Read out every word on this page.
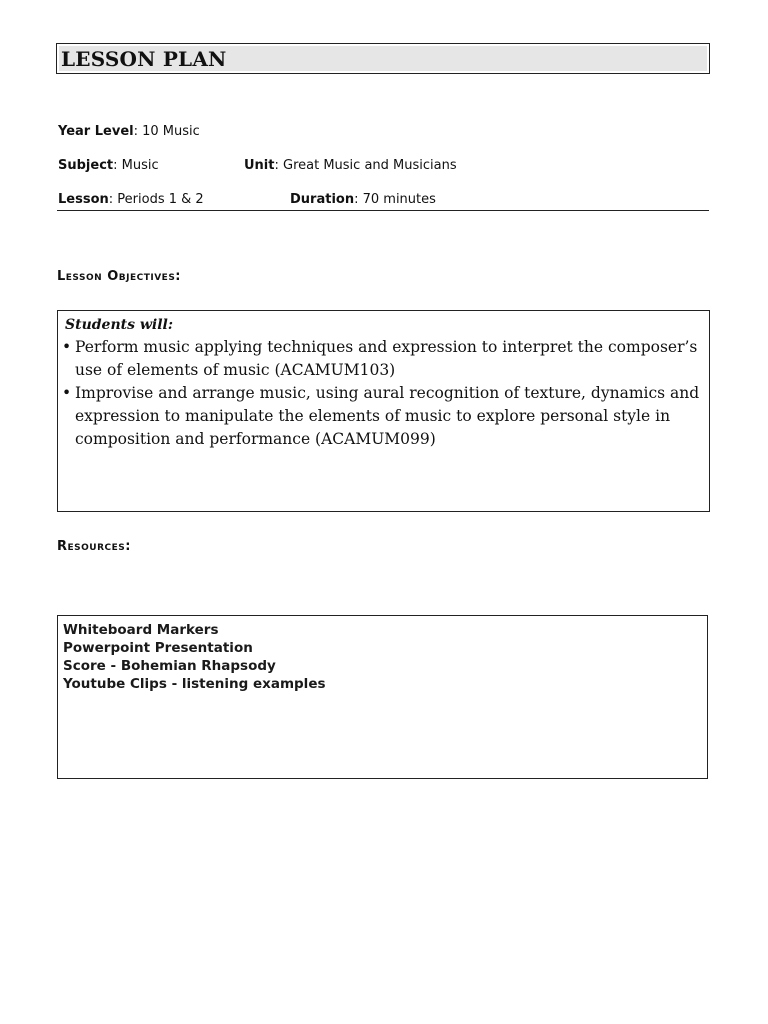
LESSON PLAN
Year Level: 10 Music
Subject: Music	Unit: Great Music and Musicians
Lesson: Periods 1 & 2	Duration: 70 minutes
Lesson Objectives:
Students will:
• Perform music applying techniques and expression to interpret the composer’s use of elements of music (ACAMUM103)
• Improvise and arrange music, using aural recognition of texture, dynamics and expression to manipulate the elements of music to explore personal style in composition and performance (ACAMUM099)
Resources:
Whiteboard Markers
Powerpoint Presentation
Score - Bohemian Rhapsody
Youtube Clips - listening examples
